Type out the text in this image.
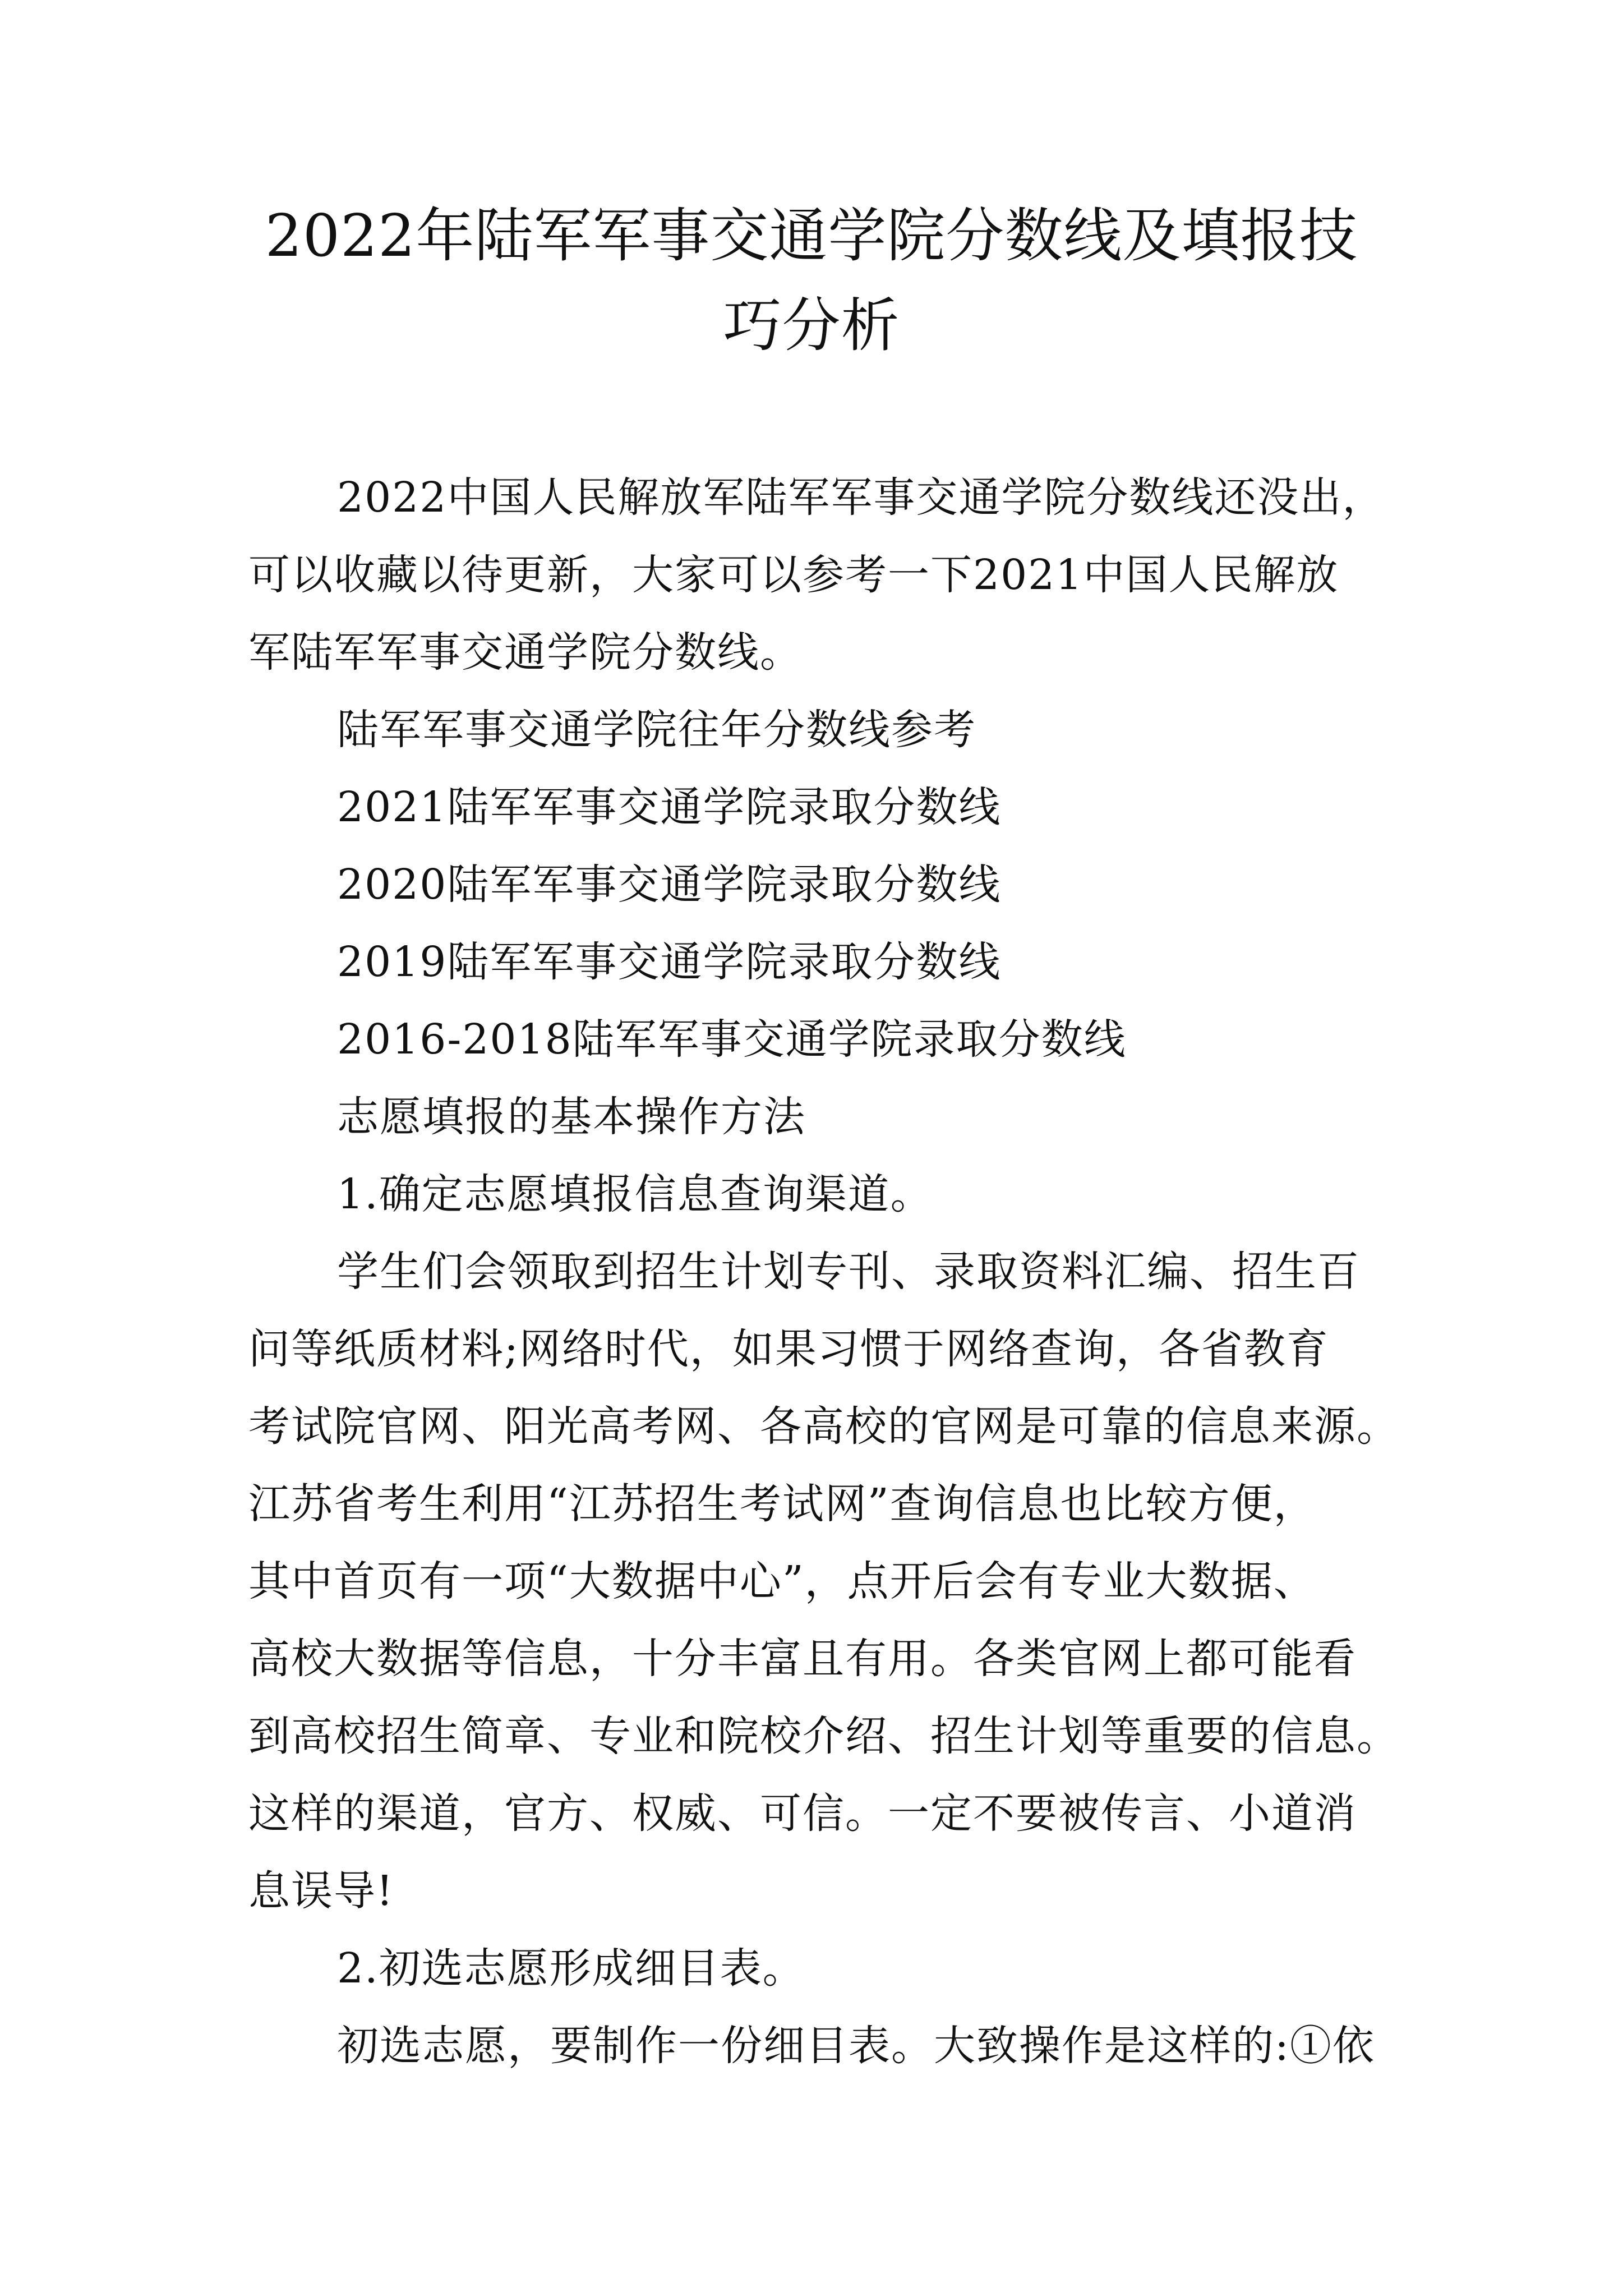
2022年陆军军事交通学院分数线及填报技
巧分析

2022中国人民解放军陆军军事交通学院分数线还没出，

可以收藏以待更新，大家可以参考一下2021中国人民解放

军陆军军事交通学院分数线。

陆军军事交通学院往年分数线参考

2021陆军军事交通学院录取分数线

2020陆军军事交通学院录取分数线

2019陆军军事交通学院录取分数线

2016-2018陆军军事交通学院录取分数线

志愿填报的基本操作方法

1.确定志愿填报信息查询渠道。

学生们会领取到招生计划专刊、录取资料汇编、招生百

问等纸质材料;网络时代，如果习惯于网络查询，各省教育

考试院官网、阳光高考网、各高校的官网是可靠的信息来源。

江苏省考生利用“江苏招生考试网”查询信息也比较方便，

其中首页有一项“大数据中心”，点开后会有专业大数据、

高校大数据等信息，十分丰富且有用。各类官网上都可能看

到高校招生简章、专业和院校介绍、招生计划等重要的信息。

这样的渠道，官方、权威、可信。一定不要被传言、小道消

息误导!

2.初选志愿形成细目表。

初选志愿，要制作一份细目表。大致操作是这样的:①依
